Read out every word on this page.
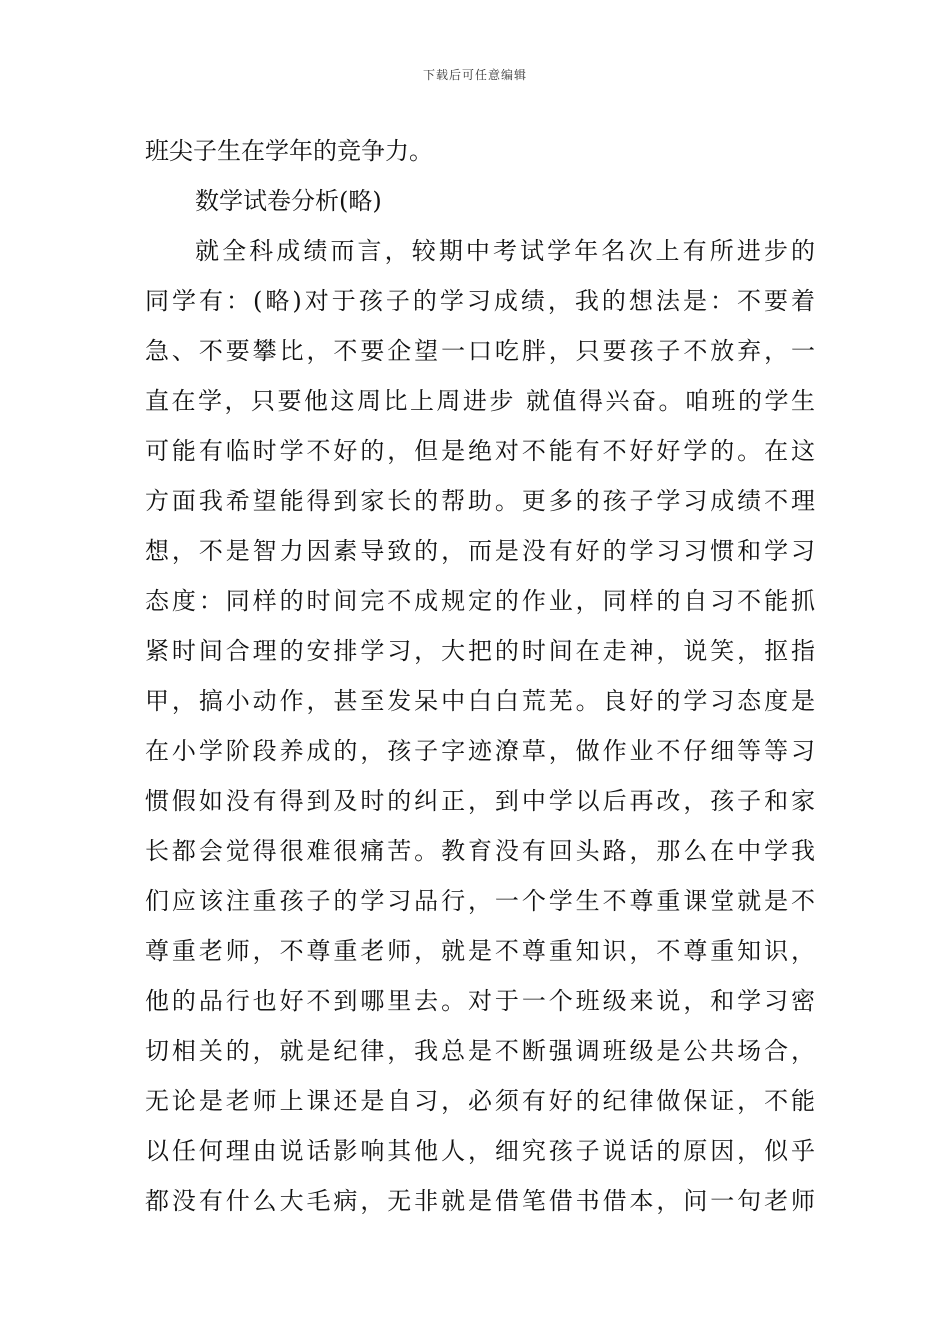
下载后可任意编辑
班尖子生在学年的竞争力。
数学试卷分析(略)
就全科成绩而言，较期中考试学年名次上有所进步的
同学有：(略)对于孩子的学习成绩，我的想法是：不要着
急、不要攀比，不要企望一口吃胖，只要孩子不放弃，一
直在学，只要他这周比上周进步 就值得兴奋。咱班的学生
可能有临时学不好的，但是绝对不能有不好好学的。在这
方面我希望能得到家长的帮助。更多的孩子学习成绩不理
想，不是智力因素导致的，而是没有好的学习习惯和学习
态度：同样的时间完不成规定的作业，同样的自习不能抓
紧时间合理的安排学习，大把的时间在走神，说笑，抠指
甲，搞小动作，甚至发呆中白白荒芜。良好的学习态度是
在小学阶段养成的，孩子字迹潦草，做作业不仔细等等习
惯假如没有得到及时的纠正，到中学以后再改，孩子和家
长都会觉得很难很痛苦。教育没有回头路，那么在中学我
们应该注重孩子的学习品行，一个学生不尊重课堂就是不
尊重老师，不尊重老师，就是不尊重知识，不尊重知识，
他的品行也好不到哪里去。对于一个班级来说，和学习密
切相关的，就是纪律，我总是不断强调班级是公共场合，
无论是老师上课还是自习，必须有好的纪律做保证，不能
以任何理由说话影响其他人，细究孩子说话的原因，似乎
都没有什么大毛病，无非就是借笔借书借本，问一句老师
